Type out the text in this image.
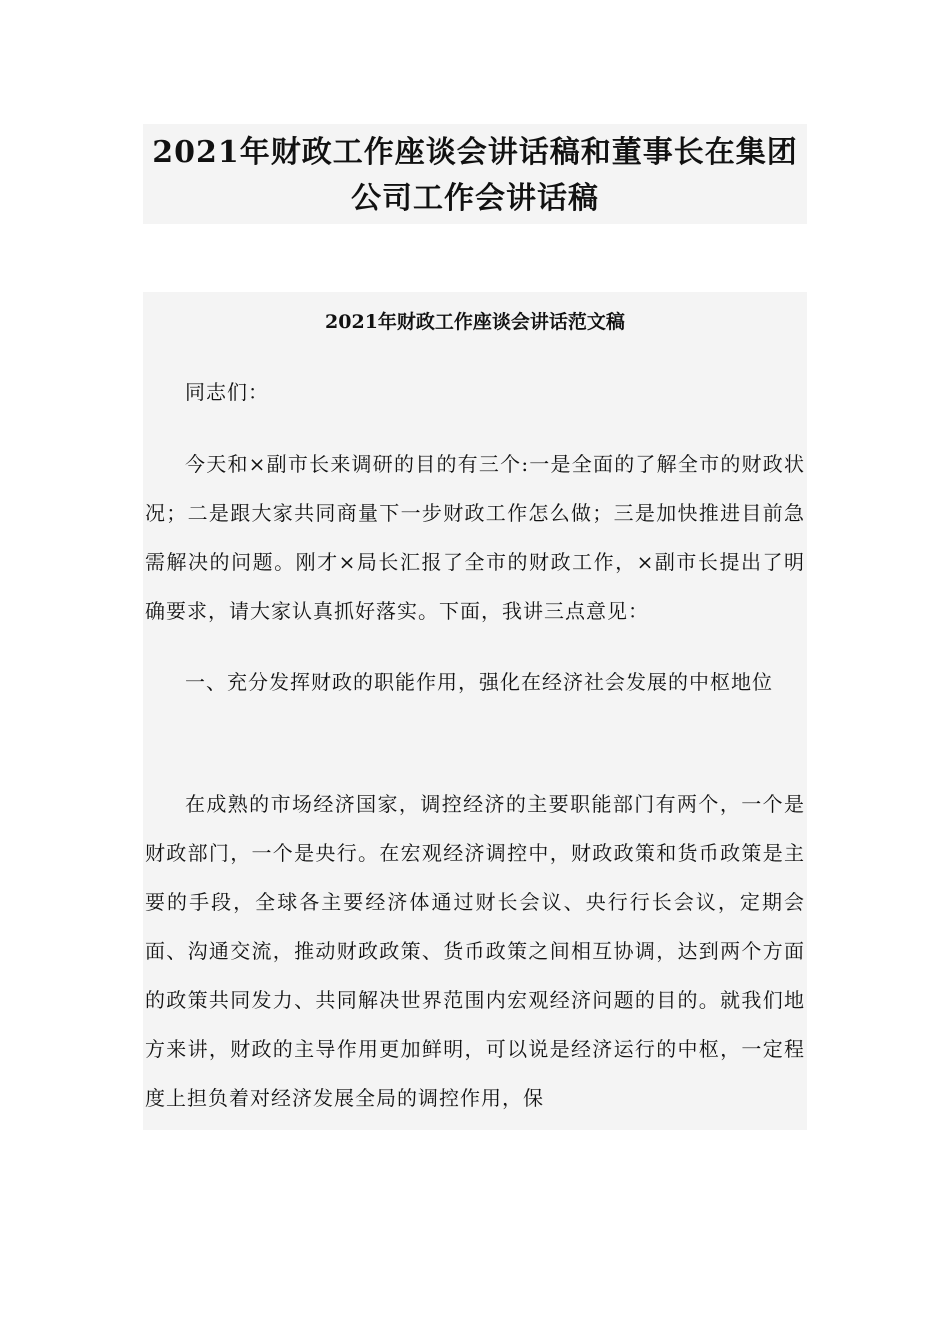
2021年财政工作座谈会讲话稿和董事长在集团公司工作会讲话稿
2021年财政工作座谈会讲话范文稿

同志们：

今天和×副市长来调研的目的有三个:一是全面的了解全市的财政状况；二是跟大家共同商量下一步财政工作怎么做；三是加快推进目前急需解决的问题。刚才×局长汇报了全市的财政工作，×副市长提出了明确要求，请大家认真抓好落实。下面，我讲三点意见：

一、充分发挥财政的职能作用，强化在经济社会发展的中枢地位

在成熟的市场经济国家，调控经济的主要职能部门有两个，一个是财政部门，一个是央行。在宏观经济调控中，财政政策和货币政策是主要的手段，全球各主要经济体通过财长会议、央行行长会议，定期会面、沟通交流，推动财政政策、货币政策之间相互协调，达到两个方面的政策共同发力、共同解决世界范围内宏观经济问题的目的。就我们地方来讲，财政的主导作用更加鲜明，可以说是经济运行的中枢，一定程度上担负着对经济发展全局的调控作用，保
